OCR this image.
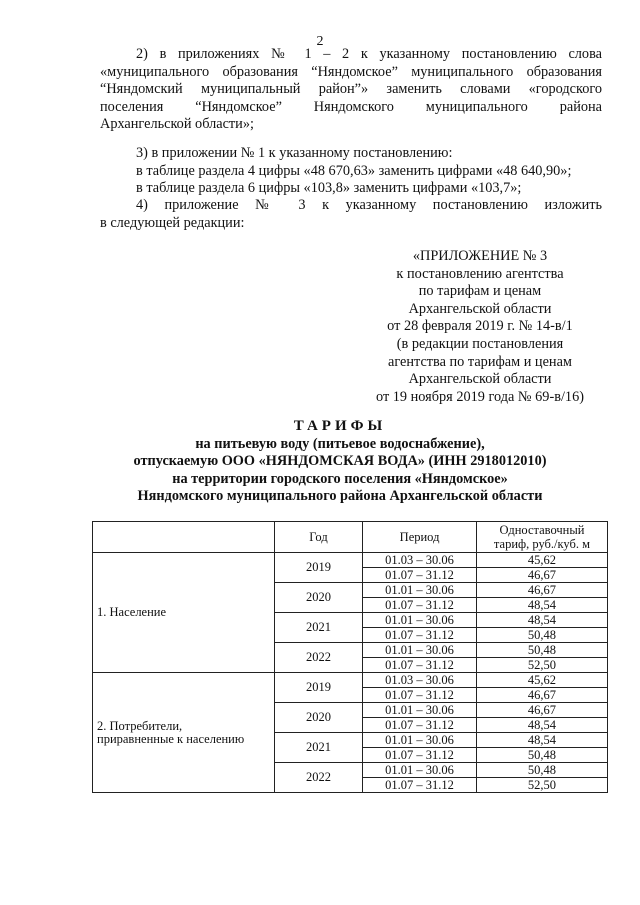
2
2) в приложениях № 1 – 2 к указанному постановлению слова
«муниципального образования “Няндомское” муниципального образования
“Няндомский муниципальный район”» заменить словами «городского
поселения “Няндомское” Няндомского муниципального района
Архангельской области»;
3) в приложении № 1 к указанному постановлению:
в таблице раздела 4 цифры «48 670,63» заменить цифрами «48 640,90»;
в таблице раздела 6 цифры «103,8» заменить цифрами «103,7»;
4) приложение № 3 к указанному постановлению изложить
в следующей редакции:
«ПРИЛОЖЕНИЕ № 3
к постановлению агентства
по тарифам и ценам
Архангельской области
от 28 февраля 2019 г. № 14-в/1
(в редакции постановления
агентства по тарифам и ценам
Архангельской области
от 19 ноября 2019 года № 69-в/16)
ТАРИФЫ
на питьевую воду (питьевое водоснабжение),
отпускаемую ООО «НЯНДОМСКАЯ ВОДА» (ИНН 2918012010)
на территории городского поселения «Няндомское»
Няндомского муниципального района Архангельской области
	Год	Период	Одноставочный
тариф, руб./куб. м

1. Население	2019	01.03 – 30.06	45,62
		01.07 – 31.12	46,67
	2020	01.01 – 30.06	46,67
		01.07 – 31.12	48,54
	2021	01.01 – 30.06	48,54
		01.07 – 31.12	50,48
	2022	01.01 – 30.06	50,48
		01.07 – 31.12	52,50

2. Потребители,
приравненные к населению	2019	01.03 – 30.06	45,62
		01.07 – 31.12	46,67
	2020	01.01 – 30.06	46,67
		01.07 – 31.12	48,54
	2021	01.01 – 30.06	48,54
		01.07 – 31.12	50,48
	2022	01.01 – 30.06	50,48
		01.07 – 31.12	52,50
